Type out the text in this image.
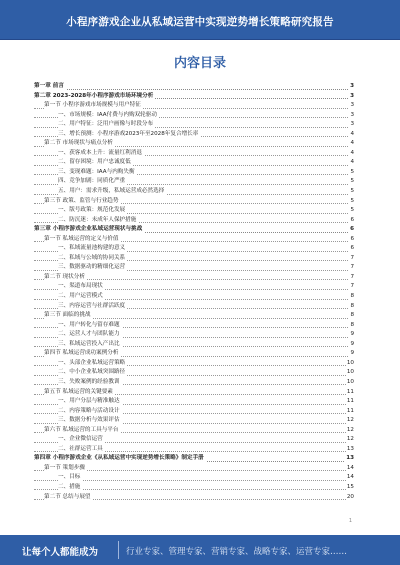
小程序游戏企业从私域运营中实现逆势增长策略研究报告
内容目录
第一章 前言	3
第二章 2023-2028年小程序游戏市场环境分析	3
第一节 小程序游戏市场规模与用户特征	3
一、市场规模：IAA付费与内购双轮驱动	3
二、用户特征：泛用户画像与时段分布	3
三、增长预测：小程序游戏2023年至2028年复合增长率	4
第二节 市场现状与痛点分析	4
一、获客成本上升：流量红利消退	4
二、留存困境：用户忠诚度低	4
三、变现难题：IAA与内购失衡	5
四、竞争加剧：同质化严重	5
五、用户：需求升级，私域运营成必然选择	5
第三节 政策、监管与行业趋势	5
一、版号政策：规范化发展	5
二、防沉迷：未成年人保护措施	6
第三章 小程序游戏企业私域运营现状与挑战	6
第一节 私域运营的定义与价值	6
一、私域流量池构建的意义	6
二、私域与公域的协同关系	7
三、数据驱动的精细化运营	7
第二节 现状分析	7
一、渠道布局现状	7
二、用户运营模式	8
三、内容运营与社群活跃度	8
第三节 面临的挑战	8
一、用户转化与留存难题	8
二、运营人才与团队能力	9
三、私域运营投入产出比	9
第四节 私域运营成功案例分析	9
一、头部企业私域运营策略	10
二、中小企业私域突围路径	10
三、失败案例的经验教训	10
第五节 私域运营的关键要素	11
一、用户分层与精准触达	11
二、内容策略与活动设计	11
三、数据分析与效果评估	12
第六节 私域运营的工具与平台	12
一、企业微信运营	12
二、社群运营工具	13
第四章 小程序游戏企业《从私域运营中实现逆势增长策略》制定手册	13
第一节 策划步骤	14
一、目标	14
二、措施	15
第二节 总结与展望	20
1
让每个人都能成为	行业专家、管理专家、营销专家、战略专家、运营专家……
